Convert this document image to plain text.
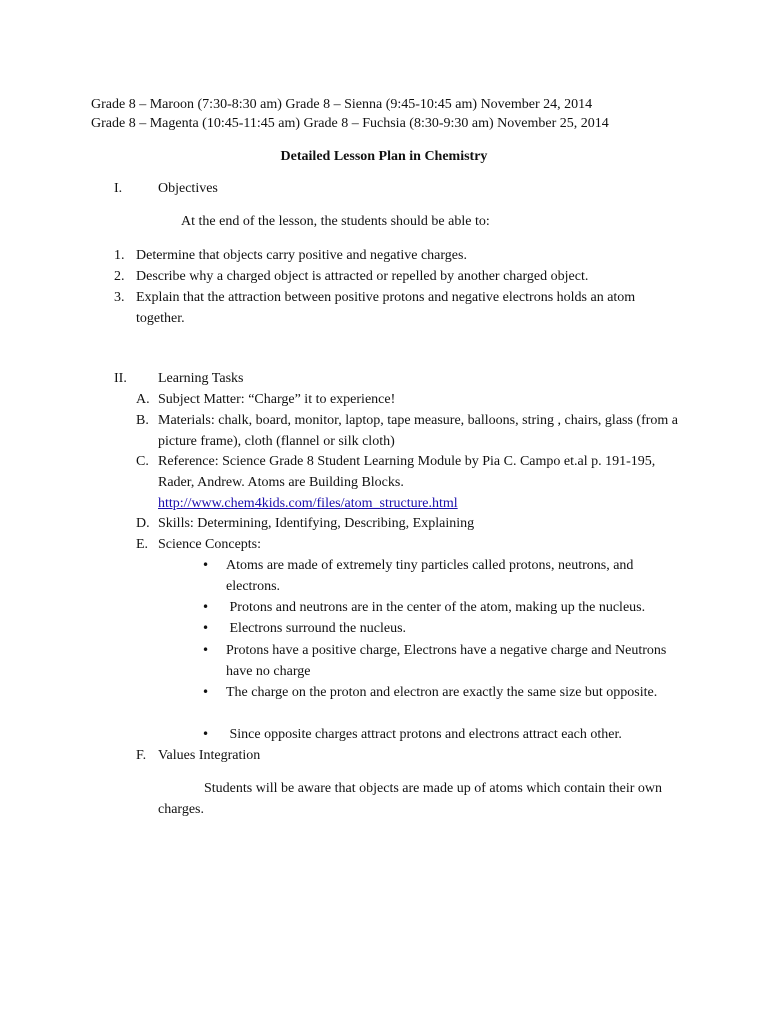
Grade 8 – Maroon (7:30-8:30 am) Grade 8 – Sienna (9:45-10:45 am) November 24, 2014
Grade 8 – Magenta (10:45-11:45 am) Grade 8 – Fuchsia (8:30-9:30 am) November 25, 2014
Detailed Lesson Plan in Chemistry
I.	Objectives
At the end of the lesson, the students should be able to:
1. Determine that objects carry positive and negative charges.
2. Describe why a charged object is attracted or repelled by another charged object.
3. Explain that the attraction between positive protons and negative electrons holds an atom together.
II. Learning Tasks
A. Subject Matter: “Charge” it to experience!
B. Materials: chalk, board, monitor, laptop, tape measure, balloons, string , chairs, glass (from a picture frame), cloth (flannel or silk cloth)
C. Reference: Science Grade 8 Student Learning Module by Pia C. Campo et.al p. 191-195, Rader, Andrew. Atoms are Building Blocks.
http://www.chem4kids.com/files/atom_structure.html
D. Skills: Determining, Identifying, Describing, Explaining
E. Science Concepts:
• Atoms are made of extremely tiny particles called protons, neutrons, and electrons.
• Protons and neutrons are in the center of the atom, making up the nucleus.
• Electrons surround the nucleus.
• Protons have a positive charge, Electrons have a negative charge and Neutrons have no charge
• The charge on the proton and electron are exactly the same size but opposite.
• Since opposite charges attract protons and electrons attract each other.
F. Values Integration
Students will be aware that objects are made up of atoms which contain their own charges.
